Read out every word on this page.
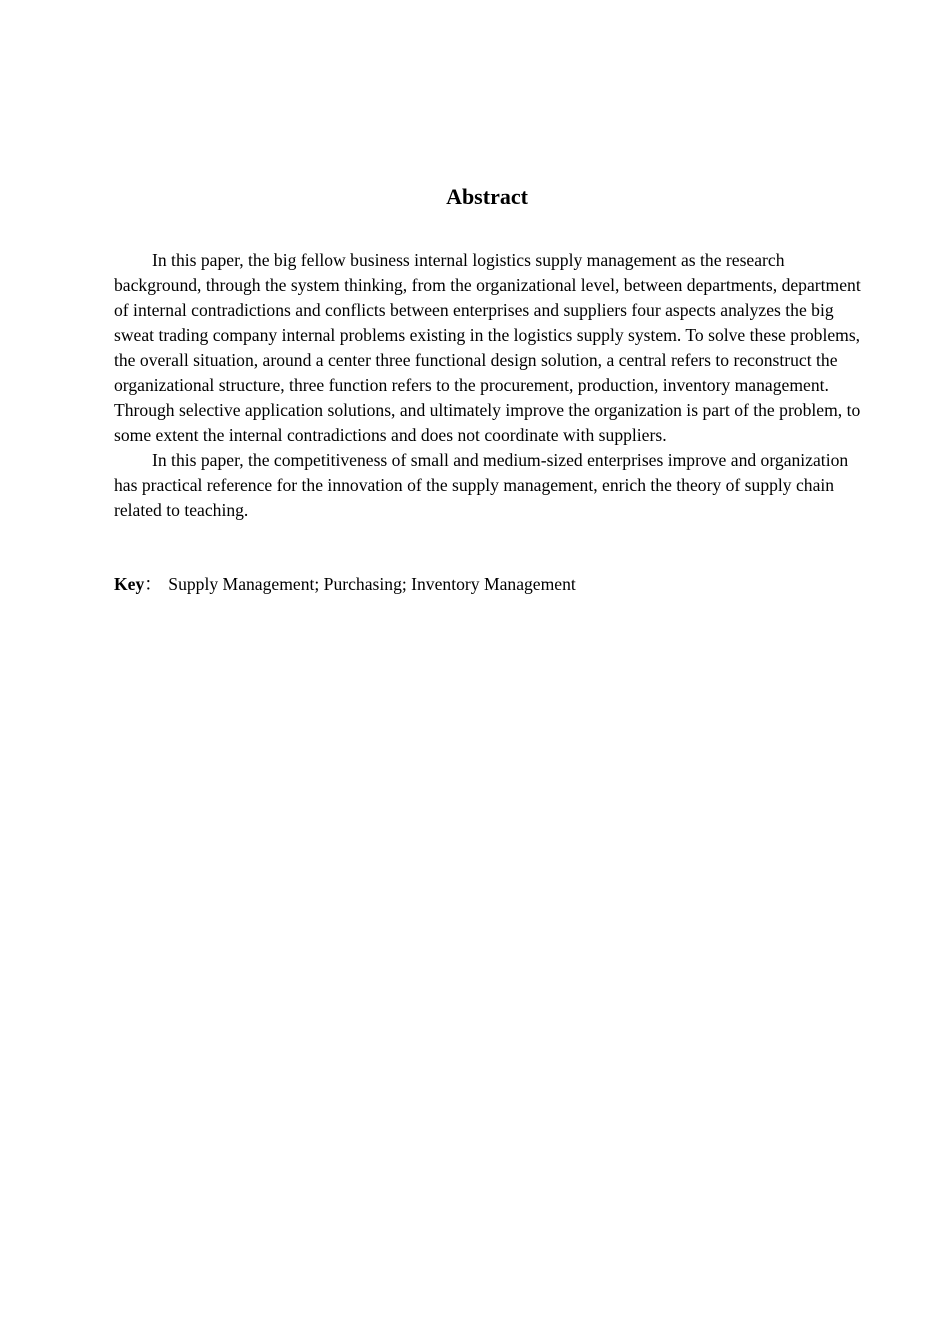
Abstract

In this paper, the big fellow business internal logistics supply management as the research background, through the system thinking, from the organizational level, between departments, department of internal contradictions and conflicts between enterprises and suppliers four aspects analyzes the big sweat trading company internal problems existing in the logistics supply system. To solve these problems, the overall situation, around a center three functional design solution, a central refers to reconstruct the organizational structure, three function refers to the procurement, production, inventory management. Through selective application solutions, and ultimately improve the organization is part of the problem, to some extent the internal contradictions and does not coordinate with suppliers.

In this paper, the competitiveness of small and medium-sized enterprises improve and organization has practical reference for the innovation of the supply management, enrich the theory of supply chain related to teaching.

Key： Supply Management; Purchasing; Inventory Management
